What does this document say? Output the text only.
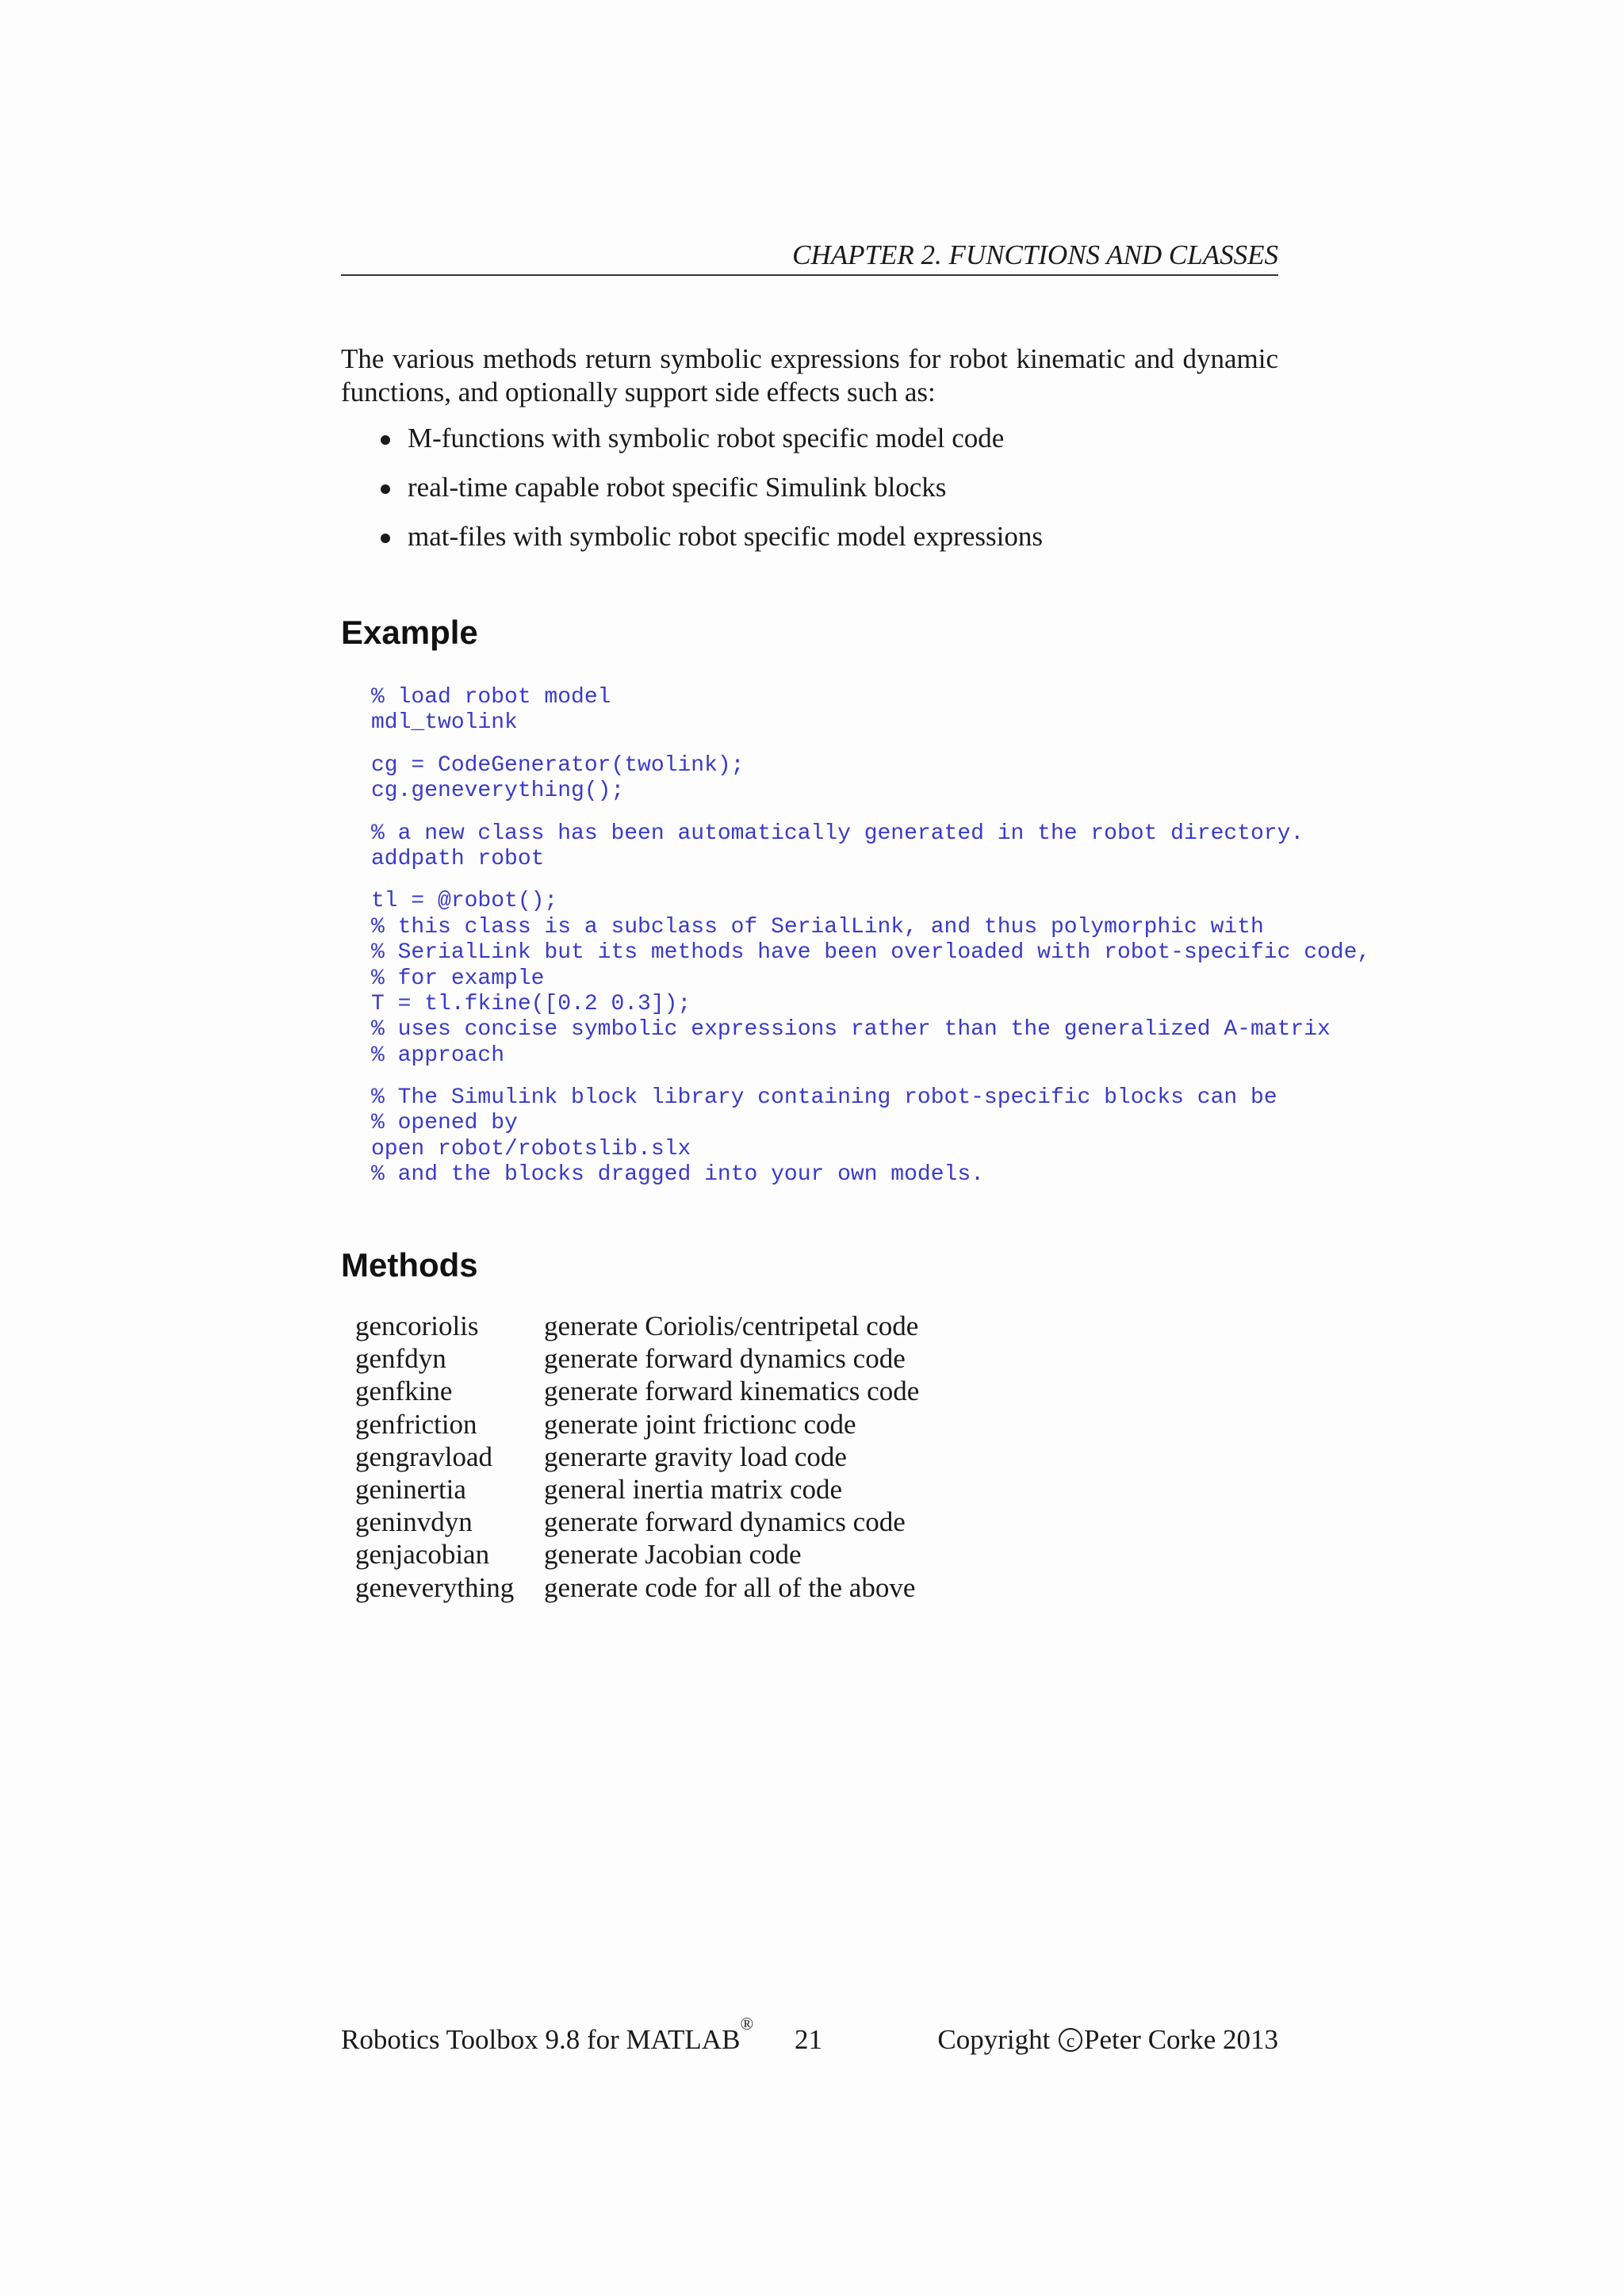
CHAPTER 2. FUNCTIONS AND CLASSES

The various methods return symbolic expressions for robot kinematic and dynamic functions, and optionally support side effects such as:

M-functions with symbolic robot specific model code
real-time capable robot specific Simulink blocks
mat-files with symbolic robot specific model expressions
Example
% load robot model
mdl_twolink
cg = CodeGenerator(twolink);
cg.geneverything();
% a new class has been automatically generated in the robot directory.
addpath robot
tl = @robot();
% this class is a subclass of SerialLink, and thus polymorphic with
% SerialLink but its methods have been overloaded with robot-specific code,
% for example
T = tl.fkine([0.2 0.3]);
% uses concise symbolic expressions rather than the generalized A-matrix
% approach
% The Simulink block library containing robot-specific blocks can be
% opened by
open robot/robotslib.slx
% and the blocks dragged into your own models.
Methods
gencoriolis	generate Coriolis/centripetal code
genfdyn	generate forward dynamics code
genfkine	generate forward kinematics code
genfriction	generate joint frictionc code
gengravload	generarte gravity load code
geninertia	general inertia matrix code
geninvdyn	generate forward dynamics code
genjacobian	generate Jacobian code
geneverything	generate code for all of the above
Robotics Toolbox 9.8 for MATLAB®
21	Copyright c Peter Corke 2013
